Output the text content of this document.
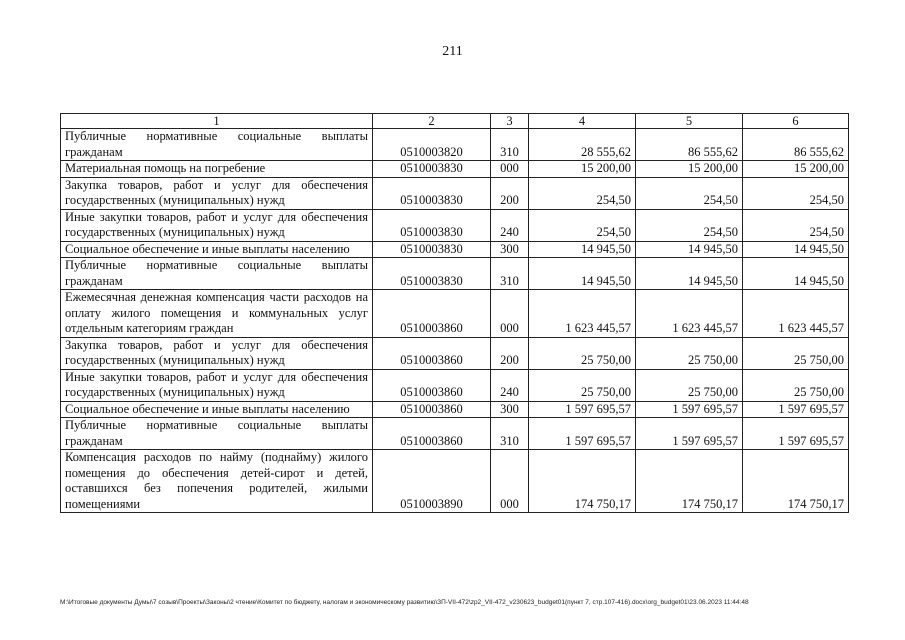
211
1	2	3	4	5	6
Публичные нормативные социальные выплаты гражданам	0510003820	310	28 555,62	86 555,62	86 555,62
Материальная помощь на погребение	0510003830	000	15 200,00	15 200,00	15 200,00
Закупка товаров, работ и услуг для обеспечения государственных (муниципальных) нужд	0510003830	200	254,50	254,50	254,50
Иные закупки товаров, работ и услуг для обеспечения государственных (муниципальных) нужд	0510003830	240	254,50	254,50	254,50
Социальное обеспечение и иные выплаты населению	0510003830	300	14 945,50	14 945,50	14 945,50
Публичные нормативные социальные выплаты гражданам	0510003830	310	14 945,50	14 945,50	14 945,50
Ежемесячная денежная компенсация части расходов на оплату жилого помещения и коммунальных услуг отдельным категориям граждан	0510003860	000	1 623 445,57	1 623 445,57	1 623 445,57
Закупка товаров, работ и услуг для обеспечения государственных (муниципальных) нужд	0510003860	200	25 750,00	25 750,00	25 750,00
Иные закупки товаров, работ и услуг для обеспечения государственных (муниципальных) нужд	0510003860	240	25 750,00	25 750,00	25 750,00
Социальное обеспечение и иные выплаты населению	0510003860	300	1 597 695,57	1 597 695,57	1 597 695,57
Публичные нормативные социальные выплаты гражданам	0510003860	310	1 597 695,57	1 597 695,57	1 597 695,57
Компенсация расходов по найму (поднайму) жилого помещения до обеспечения детей-сирот и детей, оставшихся без попечения родителей, жилыми помещениями	0510003890	000	174 750,17	174 750,17	174 750,17
M:\Итоговые документы Думы\7 созыв\Проекты\Законы\2 чтение\Комитет по бюджету, налогам и экономическому развитию\ЗП-VII-472\zp2_VII-472_v230623_budget01(пункт 7, стр.107-416).docx\org_budget01\23.06.2023 11:44:48
